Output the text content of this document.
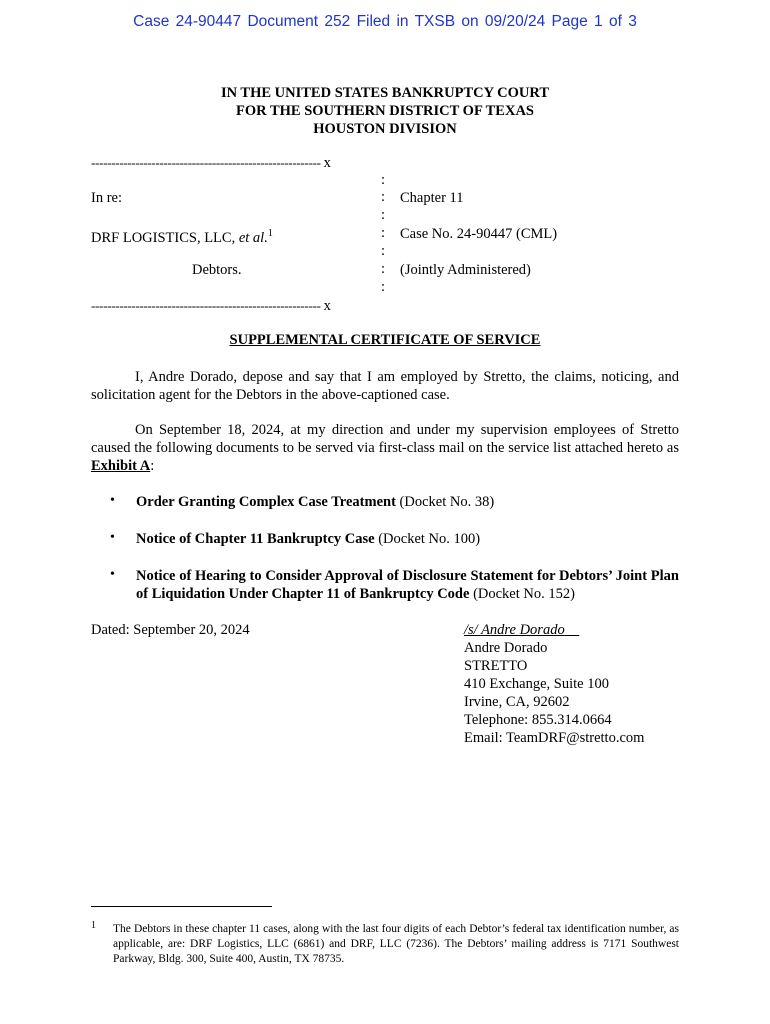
Case 24-90447 Document 252 Filed in TXSB on 09/20/24 Page 1 of 3
IN THE UNITED STATES BANKRUPTCY COURT
FOR THE SOUTHERN DISTRICT OF TEXAS
HOUSTON DIVISION
--------------------------------------------------------- x
:
In re:	: Chapter 11
:
DRF LOGISTICS, LLC, et al.$^1$	: Case No. 24-90447 (CML)
:
Debtors.	: (Jointly Administered)
:
--------------------------------------------------------- x
SUPPLEMENTAL CERTIFICATE OF SERVICE
I, Andre Dorado, depose and say that I am employed by Stretto, the claims, noticing, and solicitation agent for the Debtors in the above-captioned case.
On September 18, 2024, at my direction and under my supervision employees of Stretto caused the following documents to be served via first-class mail on the service list attached hereto as Exhibit A:
• Order Granting Complex Case Treatment (Docket No. 38)
• Notice of Chapter 11 Bankruptcy Case (Docket No. 100)
• Notice of Hearing to Consider Approval of Disclosure Statement for Debtors’ Joint Plan of Liquidation Under Chapter 11 of Bankruptcy Code (Docket No. 152)
Dated: September 20, 2024	/s/ Andre Dorado
Andre Dorado
STRETTO
410 Exchange, Suite 100
Irvine, CA, 92602
Telephone: 855.314.0664
Email: TeamDRF@stretto.com
1 The Debtors in these chapter 11 cases, along with the last four digits of each Debtor’s federal tax identification number, as applicable, are: DRF Logistics, LLC (6861) and DRF, LLC (7236). The Debtors’ mailing address is 7171 Southwest Parkway, Bldg. 300, Suite 400, Austin, TX 78735.
